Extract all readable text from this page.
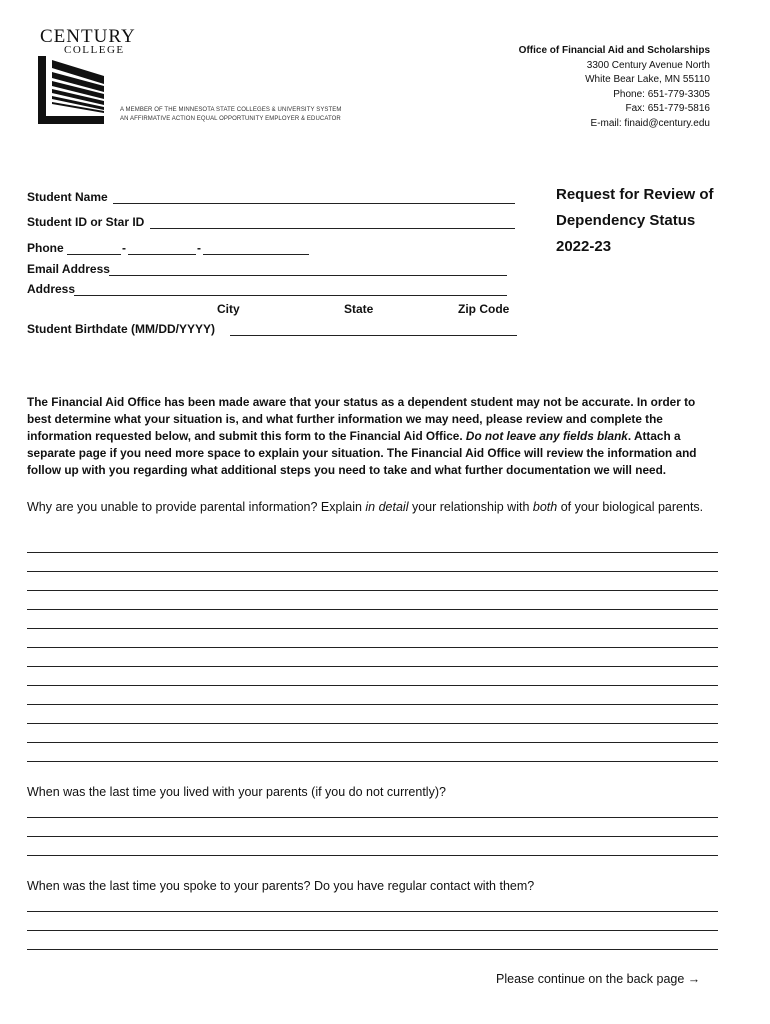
CENTURY
COLLEGE
A MEMBER OF THE MINNESOTA STATE COLLEGES & UNIVERSITY SYSTEM
AN AFFIRMATIVE ACTION EQUAL OPPORTUNITY EMPLOYER & EDUCATOR
Office of Financial Aid and Scholarships
3300 Century Avenue North
White Bear Lake, MN 55110
Phone: 651-779-3305
Fax: 651-779-5816
E-mail: finaid@century.edu
Request for Review of
Dependency Status
2022-23
Student Name
Student ID or Star ID
Phone	-	-
Email Address
Address
City	State	Zip Code
Student Birthdate (MM/DD/YYYY)
The Financial Aid Office has been made aware that your status as a dependent student may not be accurate. In order to best determine what your situation is, and what further information we may need, please review and complete the information requested below, and submit this form to the Financial Aid Office. Do not leave any fields blank. Attach a separate page if you need more space to explain your situation. The Financial Aid Office will review the information and follow up with you regarding what additional steps you need to take and what further documentation we will need.
Why are you unable to provide parental information? Explain in detail your relationship with both of your biological parents.
When was the last time you lived with your parents (if you do not currently)?
When was the last time you spoke to your parents? Do you have regular contact with them?
Please continue on the back page →
